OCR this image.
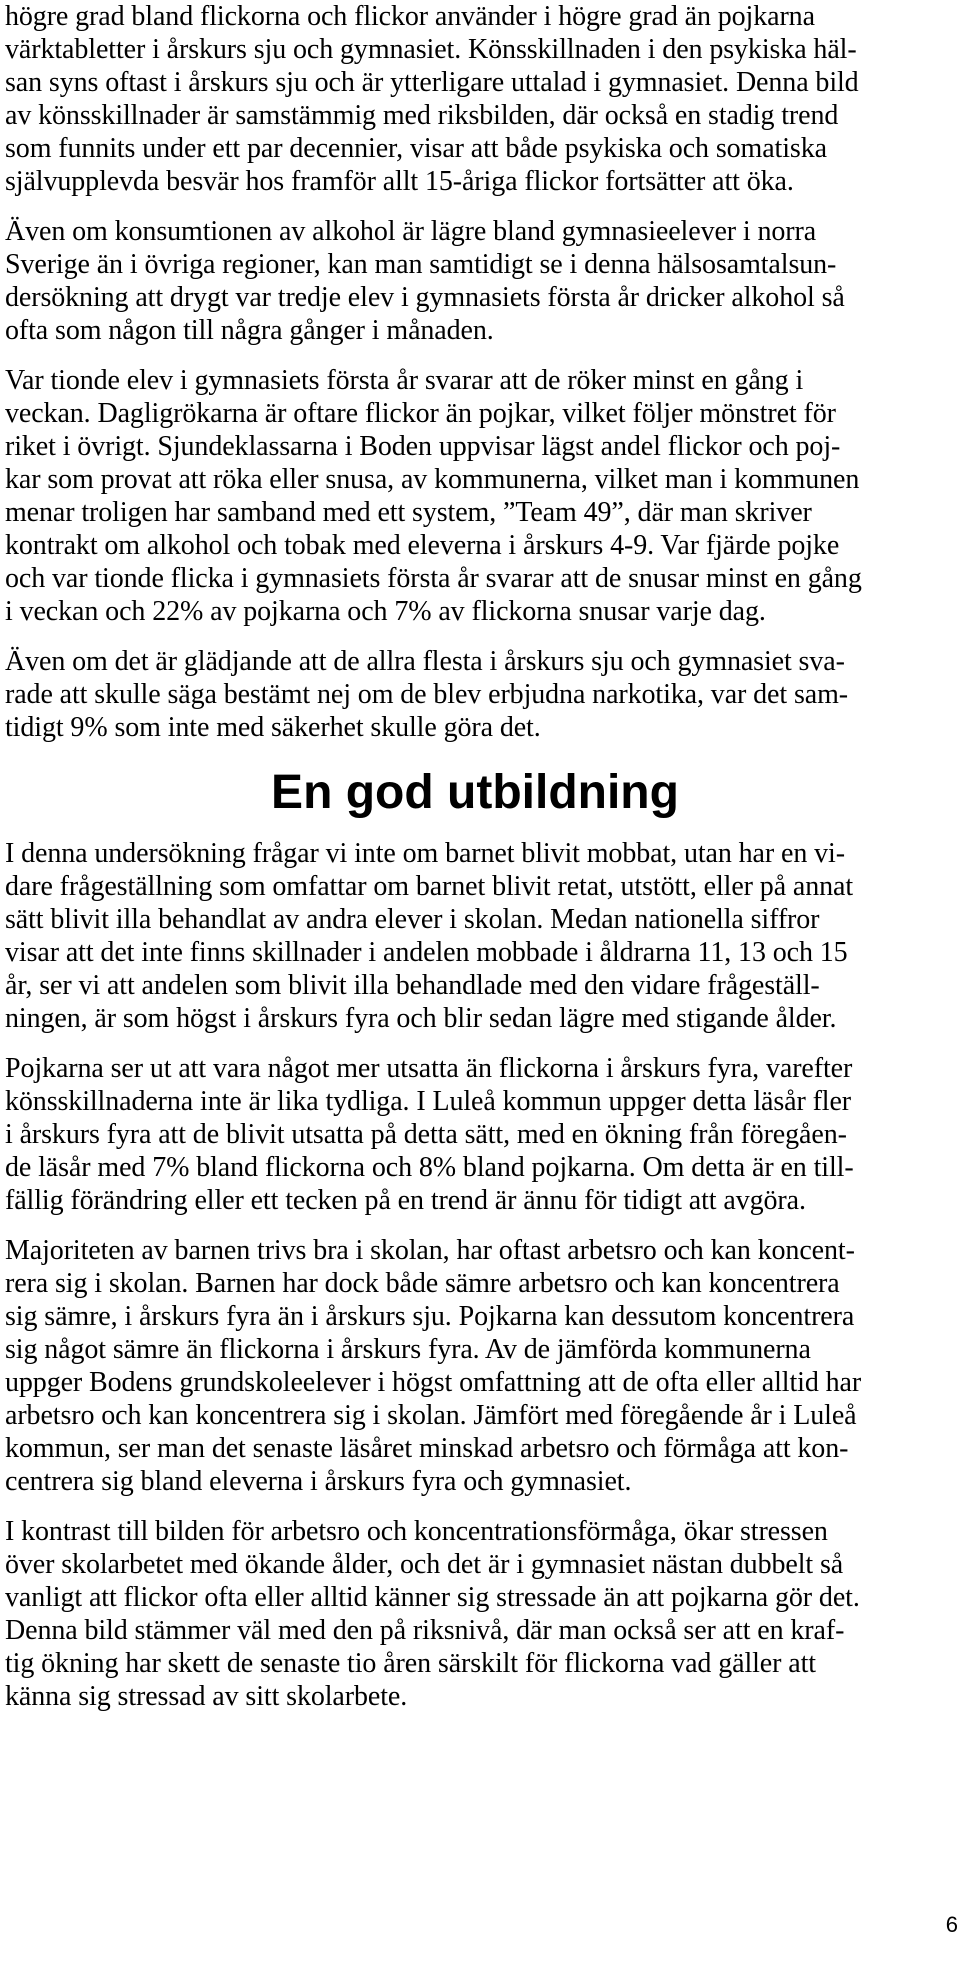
högre grad bland flickorna och flickor använder i högre grad än pojkarna
värktabletter i årskurs sju och gymnasiet. Könsskillnaden i den psykiska häl-
san syns oftast i årskurs sju och är ytterligare uttalad i gymnasiet. Denna bild
av könsskillnader är samstämmig med riksbilden, där också en stadig trend
som funnits under ett par decennier, visar att både psykiska och somatiska
självupplevda besvär hos framför allt 15-åriga flickor fortsätter att öka.
Även om konsumtionen av alkohol är lägre bland gymnasieelever i norra
Sverige än i övriga regioner, kan man samtidigt se i denna hälsosamtalsun-
dersökning att drygt var tredje elev i gymnasiets första år dricker alkohol så
ofta som någon till några gånger i månaden.
Var tionde elev i gymnasiets första år svarar att de röker minst en gång i
veckan. Dagligrökarna är oftare flickor än pojkar, vilket följer mönstret för
riket i övrigt. Sjundeklassarna i Boden uppvisar lägst andel flickor och poj-
kar som provat att röka eller snusa, av kommunerna, vilket man i kommunen
menar troligen har samband med ett system, ”Team 49”, där man skriver
kontrakt om alkohol och tobak med eleverna i årskurs 4-9. Var fjärde pojke
och var tionde flicka i gymnasiets första år svarar att de snusar minst en gång
i veckan och 22% av pojkarna och 7% av flickorna snusar varje dag.
Även om det är glädjande att de allra flesta i årskurs sju och gymnasiet sva-
rade att skulle säga bestämt nej om de blev erbjudna narkotika, var det sam-
tidigt 9% som inte med säkerhet skulle göra det.
En god utbildning
I denna undersökning frågar vi inte om barnet blivit mobbat, utan har en vi-
dare frågeställning som omfattar om barnet blivit retat, utstött, eller på annat
sätt blivit illa behandlat av andra elever i skolan. Medan nationella siffror
visar att det inte finns skillnader i andelen mobbade i åldrarna 11, 13 och 15
år, ser vi att andelen som blivit illa behandlade med den vidare frågeställ-
ningen, är som högst i årskurs fyra och blir sedan lägre med stigande ålder.
Pojkarna ser ut att vara något mer utsatta än flickorna i årskurs fyra, varefter
könsskillnaderna inte är lika tydliga. I Luleå kommun uppger detta läsår fler
i årskurs fyra att de blivit utsatta på detta sätt, med en ökning från föregåen-
de läsår med 7% bland flickorna och 8% bland pojkarna. Om detta är en till-
fällig förändring eller ett tecken på en trend är ännu för tidigt att avgöra.
Majoriteten av barnen trivs bra i skolan, har oftast arbetsro och kan koncent-
rera sig i skolan. Barnen har dock både sämre arbetsro och kan koncentrera
sig sämre, i årskurs fyra än i årskurs sju. Pojkarna kan dessutom koncentrera
sig något sämre än flickorna i årskurs fyra. Av de jämförda kommunerna
uppger Bodens grundskoleelever i högst omfattning att de ofta eller alltid har
arbetsro och kan koncentrera sig i skolan. Jämfört med föregående år i Luleå
kommun, ser man det senaste läsåret minskad arbetsro och förmåga att kon-
centrera sig bland eleverna i årskurs fyra och gymnasiet.
I kontrast till bilden för arbetsro och koncentrationsförmåga, ökar stressen
över skolarbetet med ökande ålder, och det är i gymnasiet nästan dubbelt så
vanligt att flickor ofta eller alltid känner sig stressade än att pojkarna gör det.
Denna bild stämmer väl med den på riksnivå, där man också ser att en kraf-
tig ökning har skett de senaste tio åren särskilt för flickorna vad gäller att
känna sig stressad av sitt skolarbete.
6
